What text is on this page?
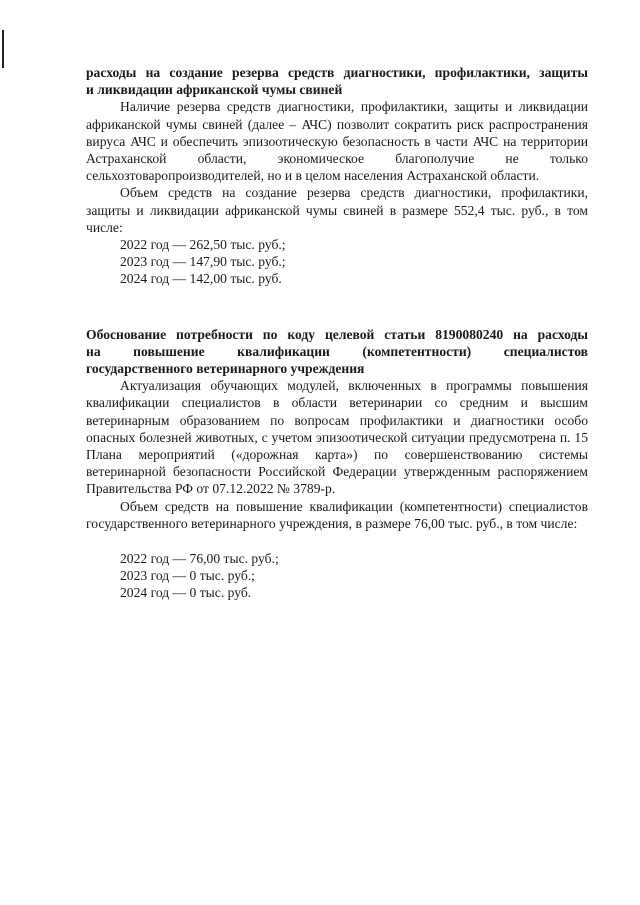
расходы на создание резерва средств диагностики, профилактики, защиты
и ликвидации африканской чумы свиней
Наличие резерва средств диагностики, профилактики, защиты и ликвидации африканской чумы свиней (далее – АЧС) позволит сократить риск распространения вируса АЧС и обеспечить эпизоотическую безопасность в части АЧС на территории Астраханской области, экономическое благополучие не только сельхозтоваропроизводителей, но и в целом населения Астраханской области.
Объем средств на создание резерва средств диагностики, профилактики, защиты и ликвидации африканской чумы свиней в размере 552,4 тыс. руб., в том числе:
2022 год — 262,50 тыс. руб.;
2023 год — 147,90 тыс. руб.;
2024 год — 142,00 тыс. руб.
Обоснование потребности по коду целевой статьи 8190080240 на расходы
на повышение квалификации (компетентности) специалистов
государственного ветеринарного учреждения
Актуализация обучающих модулей, включенных в программы повышения квалификации специалистов в области ветеринарии со средним и высшим ветеринарным образованием по вопросам профилактики и диагностики особо опасных болезней животных, с учетом эпизоотической ситуации предусмотрена п. 15 Плана мероприятий («дорожная карта») по совершенствованию системы ветеринарной безопасности Российской Федерации утвержденным распоряжением Правительства РФ от 07.12.2022 № 3789-р.
Объем средств на повышение квалификации (компетентности) специалистов государственного ветеринарного учреждения, в размере 76,00 тыс. руб., в том числе:
2022 год — 76,00 тыс. руб.;
2023 год — 0 тыс. руб.;
2024 год — 0 тыс. руб.
